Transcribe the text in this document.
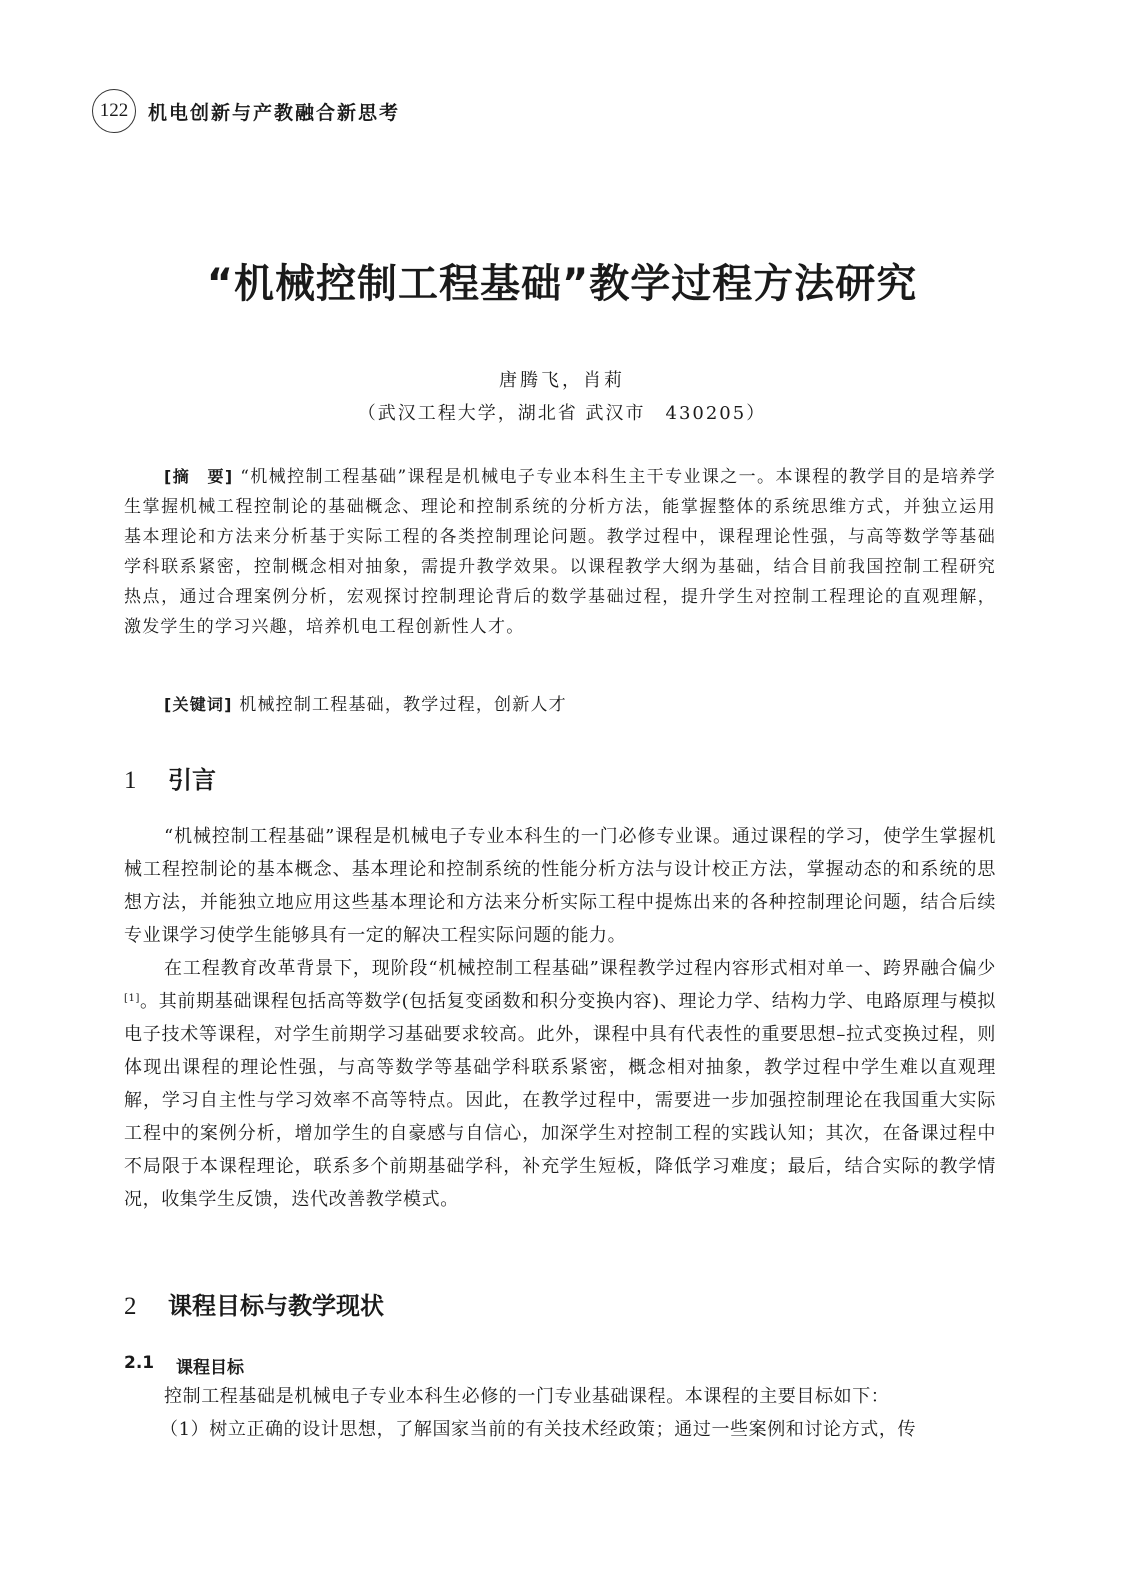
122	机电创新与产教融合新思考
“机械控制工程基础”教学过程方法研究
唐腾飞，肖莉
（武汉工程大学，湖北省 武汉市　430205）

[摘　要] “机械控制工程基础”课程是机械电子专业本科生主干专业课之一。本课程的教学目的是培养学生掌握机械工程控制论的基础概念、理论和控制系统的分析方法，能掌握整体的系统思维方式，并独立运用基本理论和方法来分析基于实际工程的各类控制理论问题。教学过程中，课程理论性强，与高等数学等基础学科联系紧密，控制概念相对抽象，需提升教学效果。以课程教学大纲为基础，结合目前我国控制工程研究热点，通过合理案例分析，宏观探讨控制理论背后的数学基础过程，提升学生对控制工程理论的直观理解，激发学生的学习兴趣，培养机电工程创新性人才。

[关键词] 机械控制工程基础，教学过程，创新人才
1	引言

“机械控制工程基础”课程是机械电子专业本科生的一门必修专业课。通过课程的学习，使学生掌握机械工程控制论的基本概念、基本理论和控制系统的性能分析方法与设计校正方法，掌握动态的和系统的思想方法，并能独立地应用这些基本理论和方法来分析实际工程中提炼出来的各种控制理论问题，结合后续专业课学习使学生能够具有一定的解决工程实际问题的能力。

在工程教育改革背景下，现阶段“机械控制工程基础”课程教学过程内容形式相对单一、跨界融合偏少[1]。其前期基础课程包括高等数学(包括复变函数和积分变换内容)、理论力学、结构力学、电路原理与模拟电子技术等课程，对学生前期学习基础要求较高。此外，课程中具有代表性的重要思想–拉式变换过程，则体现出课程的理论性强，与高等数学等基础学科联系紧密，概念相对抽象，教学过程中学生难以直观理解，学习自主性与学习效率不高等特点。因此，在教学过程中，需要进一步加强控制理论在我国重大实际工程中的案例分析，增加学生的自豪感与自信心，加深学生对控制工程的实践认知；其次，在备课过程中不局限于本课程理论，联系多个前期基础学科，补充学生短板，降低学习难度；最后，结合实际的教学情况，收集学生反馈，迭代改善教学模式。

2	课程目标与教学现状
2.1	课程目标

控制工程基础是机械电子专业本科生必修的一门专业基础课程。本课程的主要目标如下：

（1）树立正确的设计思想，了解国家当前的有关技术经政策；通过一些案例和讨论方式，传
